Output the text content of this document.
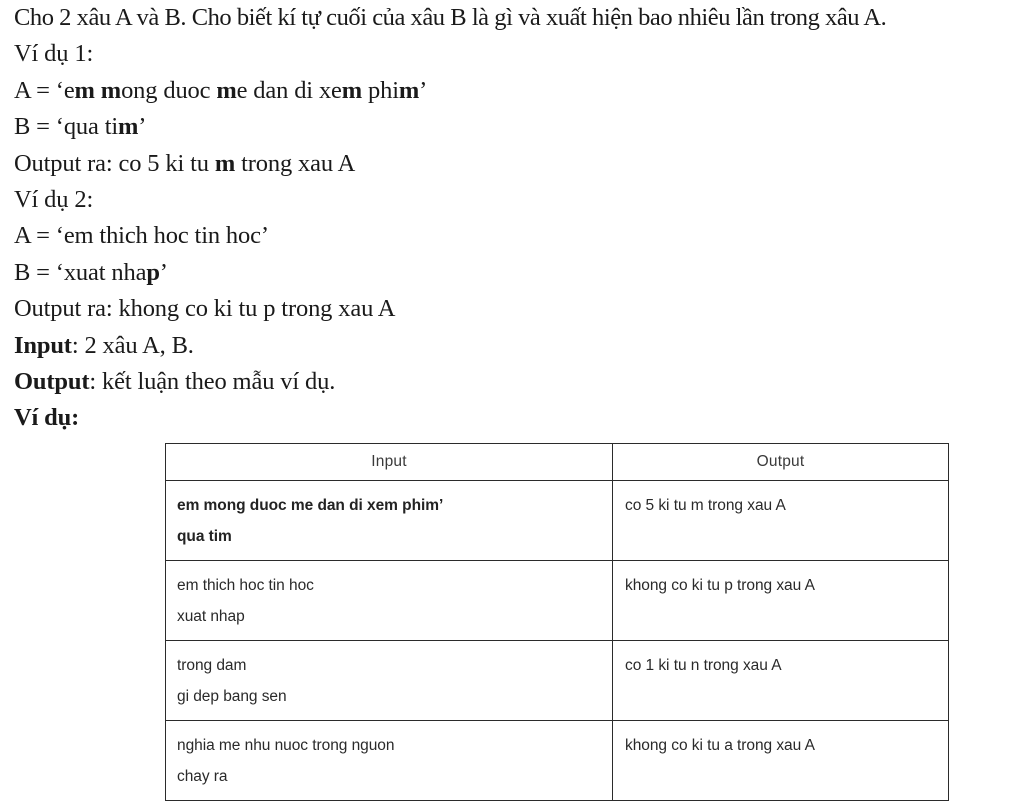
Cho 2 xâu A và B. Cho biết kí tự cuối của xâu B là gì và xuất hiện bao nhiêu lần trong xâu A.
Ví dụ 1:
A = ‘em mong duoc me dan di xem phim’
B = ‘qua tim’
Output ra: co 5 ki tu m trong xau A
Ví dụ 2:
A = ‘em thich hoc tin hoc’
B = ‘xuat nhap’
Output ra: khong co ki tu p trong xau A
Input: 2 xâu A, B.
Output: kết luận theo mẫu ví dụ.
Ví dụ:
Input	Output

em mong duoc me dan di xem phim’
qua tim	co 5 ki tu m trong xau A

em thich hoc tin hoc
xuat nhap	khong co ki tu p trong xau A

trong dam
gi dep bang sen	co 1 ki tu n trong xau A

nghia me nhu nuoc trong nguon
chay ra	khong co ki tu a trong xau A
